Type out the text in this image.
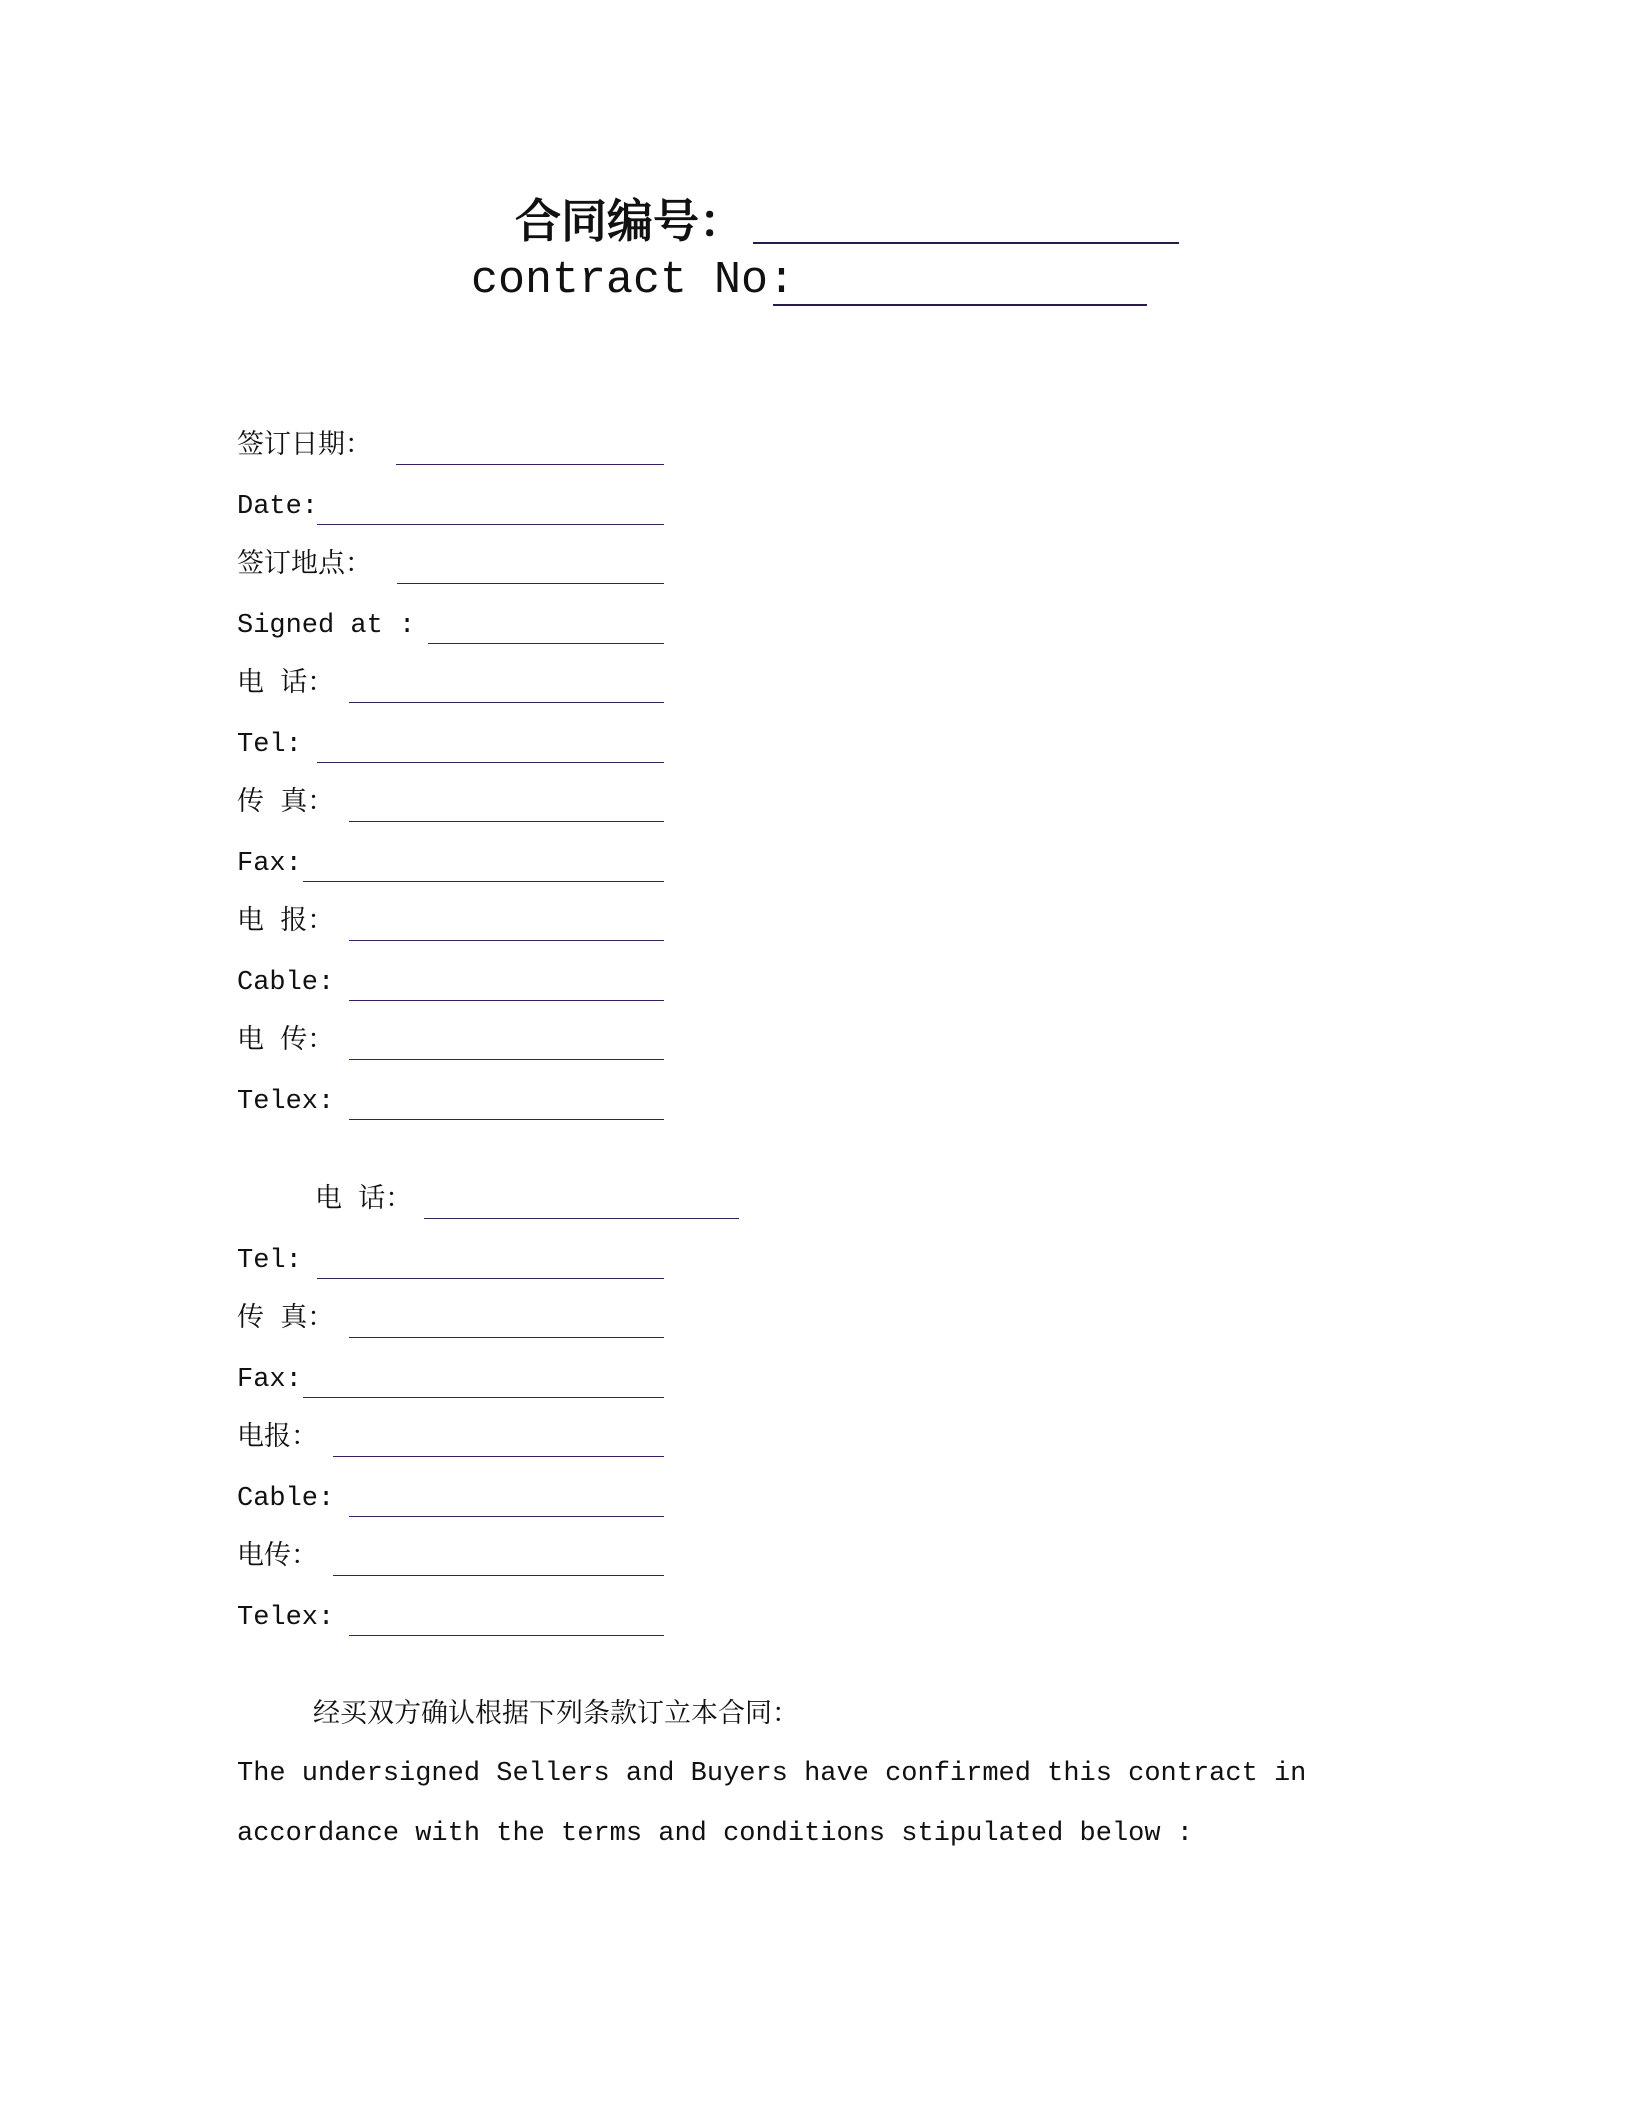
合同编号：
contract No:
签订日期：
Date:
签订地点：
Signed at :
电 话：
Tel:
传 真：
Fax:
电 报：
Cable:
电 传：
Telex:
电 话：
Tel:
传 真：
Fax:
电报：
Cable:
电传：
Telex:
经买双方确认根据下列条款订立本合同：
The undersigned Sellers and Buyers have confirmed this contract in
accordance with the terms and conditions stipulated below :
